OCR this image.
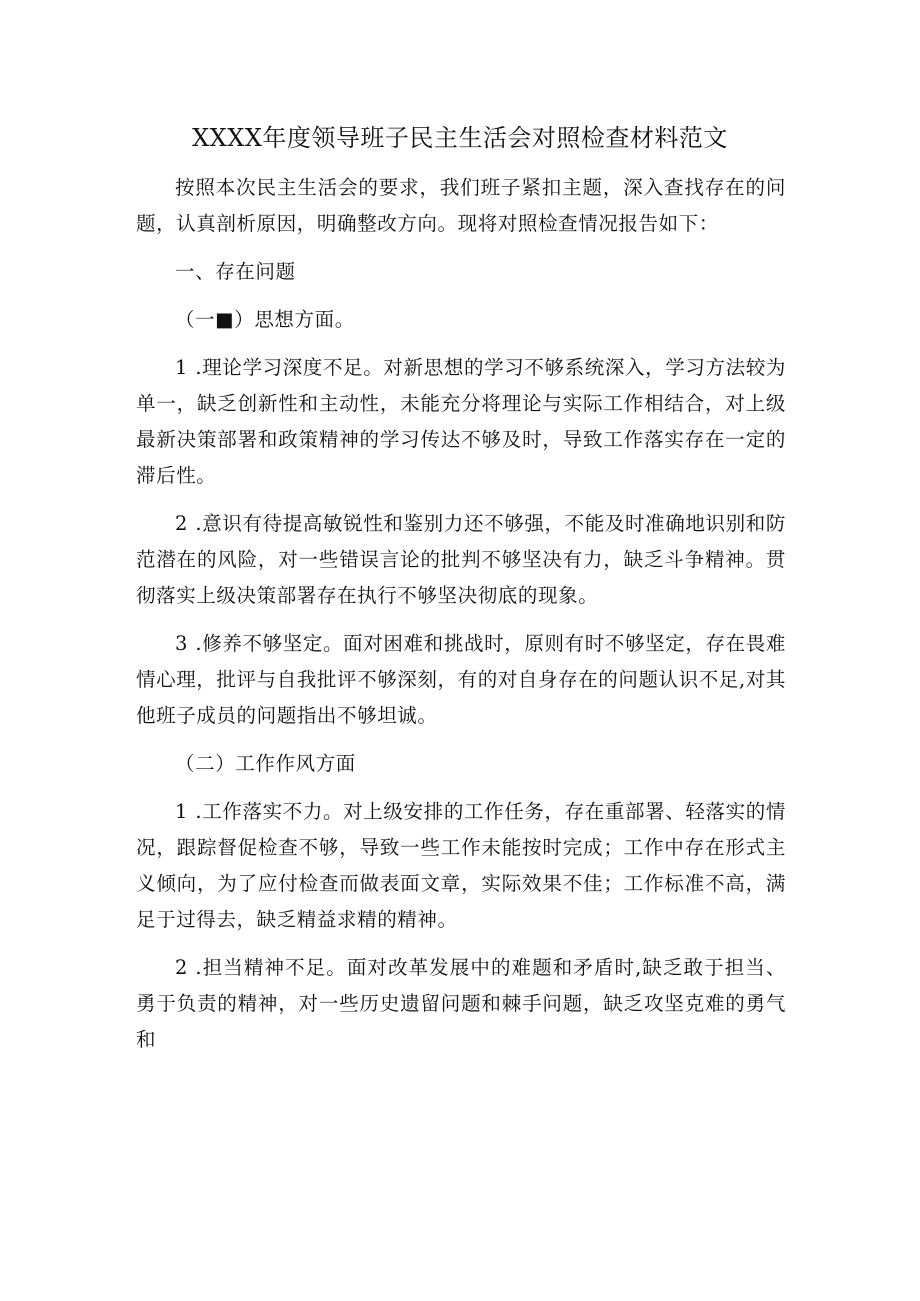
XXXX年度领导班子民主生活会对照检查材料范文

按照本次民主生活会的要求，我们班子紧扣主题，深入查找存在的问题，认真剖析原因，明确整改方向。现将对照检查情况报告如下：

一、存在问题

（一■）思想方面。

1 .理论学习深度不足。对新思想的学习不够系统深入，学习方法较为单一，缺乏创新性和主动性，未能充分将理论与实际工作相结合，对上级最新决策部署和政策精神的学习传达不够及时，导致工作落实存在一定的滞后性。

2 .意识有待提高敏锐性和鉴别力还不够强，不能及时准确地识别和防范潜在的风险，对一些错误言论的批判不够坚决有力，缺乏斗争精神。贯彻落实上级决策部署存在执行不够坚决彻底的现象。

3 .修养不够坚定。面对困难和挑战时，原则有时不够坚定，存在畏难情心理，批评与自我批评不够深刻，有的对自身存在的问题认识不足,对其他班子成员的问题指出不够坦诚。

（二）工作作风方面

1 .工作落实不力。对上级安排的工作任务，存在重部署、轻落实的情况，跟踪督促检查不够，导致一些工作未能按时完成；工作中存在形式主义倾向，为了应付检查而做表面文章，实际效果不佳；工作标准不高，满足于过得去，缺乏精益求精的精神。

2 .担当精神不足。面对改革发展中的难题和矛盾时,缺乏敢于担当、勇于负责的精神，对一些历史遗留问题和棘手问题，缺乏攻坚克难的勇气和
